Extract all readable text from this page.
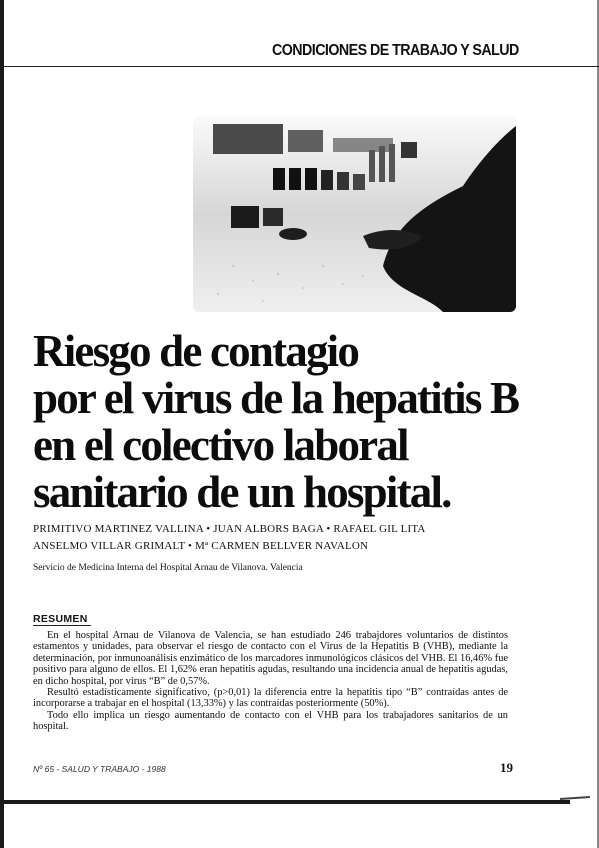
CONDICIONES DE TRABAJO Y SALUD
Riesgo de contagio
por el virus de la hepatitis B
en el colectivo laboral
sanitario de un hospital.
PRIMITIVO MARTINEZ VALLINA • JUAN ALBORS BAGA • RAFAEL GIL LITA
ANSELMO VILLAR GRIMALT • Mª CARMEN BELLVER NAVALON
Servicio de Medicina Interna del Hospital Arnau de Vilanova. Valencia
RESUMEN

En el hospital Arnau de Vilanova de Valencia, se han estudiado 246 trabajdores voluntarios de distintos estamentos y unidades, para observar el riesgo de contacto con el Virus de la Hepatitis B (VHB), mediante la determinación, por inmunoanálisis enzimático de los marcadores inmunológicos clásicos del VHB. El 16,46% fue positivo para alguno de ellos. El 1,62% eran hepatitis agudas, resultando una incidencia anual de hepatitis agudas, en dicho hospital, por virus “B” de 0,57%.

Resultó estadísticamente significativo, (p>0,01) la diferencia entre la hepatitis tipo “B” contraídas antes de incorporarse a trabajar en el hospital (13,33%) y las contraídas posteriormente (50%).

Todo ello implica un riesgo aumentando de contacto con el VHB para los trabajadores sanitarios de un hospital.

Nº 65 - SALUD Y TRABAJO - 1988	19
